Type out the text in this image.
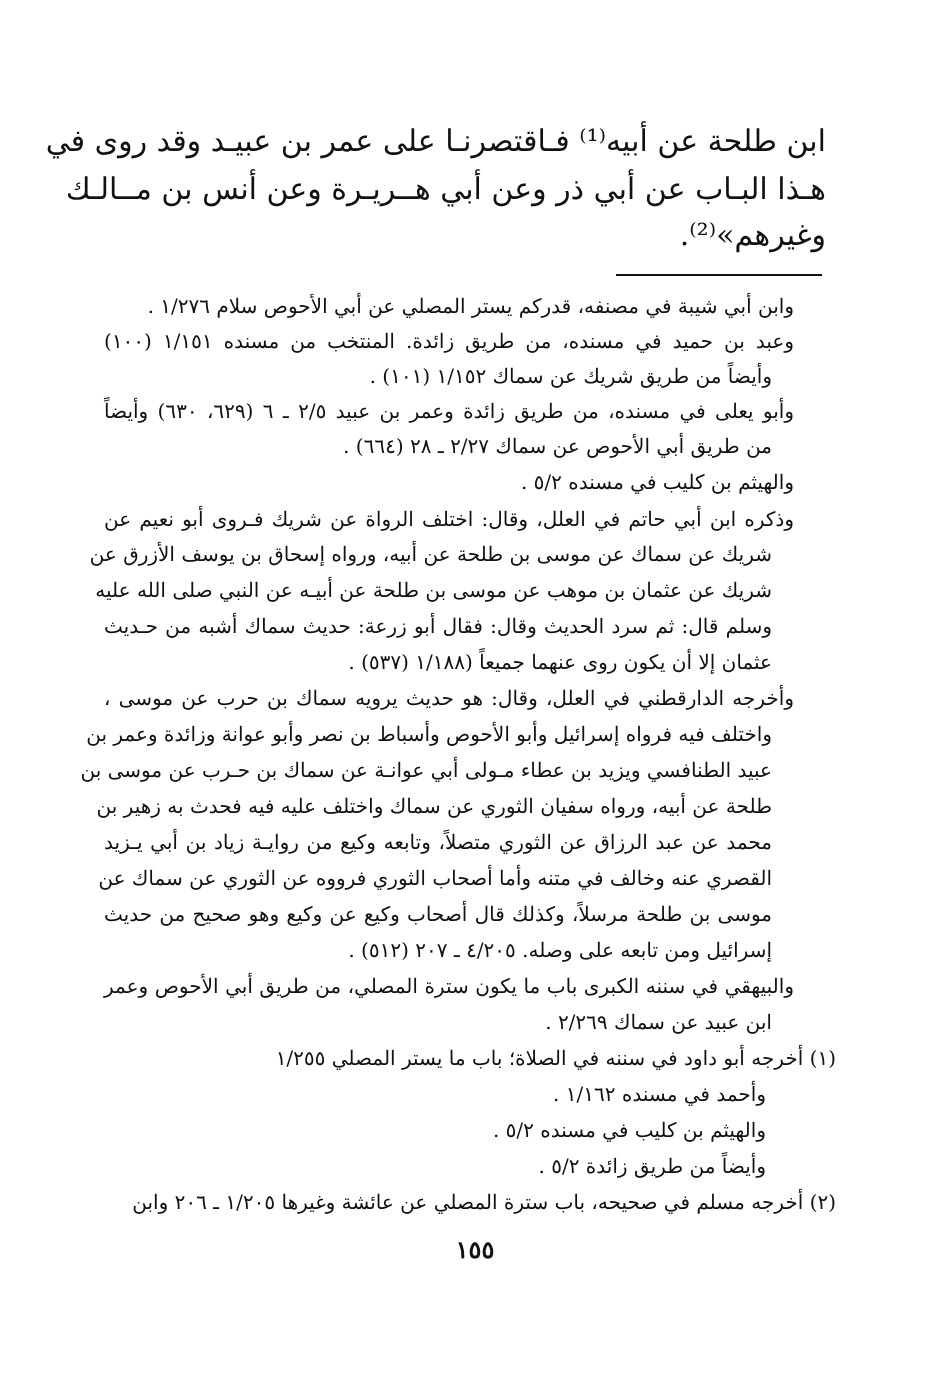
ابن طلحة عن أبيه⁽¹⁾ فـاقتصرنـا على عمر بن عبيـد وقد روى في
هـذا البـاب عن أبي ذر وعن أبي هــريـرة وعن أنس بن مــالـك
وغيرهم»⁽²⁾.
وابن أبي شيبة في مصنفه، قدركم يستر المصلي عن أبي الأحوص سلام ١/٢٧٦ .
وعبد بن حميد في مسنده، من طريق زائدة. المنتخب من مسنده ١/١٥١ (١٠٠)
وأيضاً من طريق شريك عن سماك ١/١٥٢ (١٠١) .
وأبو يعلى في مسنده، من طريق زائدة وعمر بن عبيد ٢/٥ ـ ٦ (٦٢٩، ٦٣٠) وأيضاً
من طريق أبي الأحوص عن سماك ٢/٢٧ ـ ٢٨ (٦٦٤) .
والهيثم بن كليب في مسنده ٥/٢ .
وذكره ابن أبي حاتم في العلل، وقال: اختلف الرواة عن شريك فـروى أبو نعيم عن
شريك عن سماك عن موسى بن طلحة عن أبيه، ورواه إسحاق بن يوسف الأزرق عن
شريك عن عثمان بن موهب عن موسى بن طلحة عن أبيـه عن النبي صلى الله عليه
وسلم قال: ثم سرد الحديث وقال: فقال أبو زرعة: حديث سماك أشبه من حـديث
عثمان إلا أن يكون روى عنهما جميعاً (١/١٨٨ (٥٣٧) .
وأخرجه الدارقطني في العلل، وقال: هو حديث يرويه سماك بن حرب عن موسى ،
واختلف فيه فرواه إسرائيل وأبو الأحوص وأسباط بن نصر وأبو عوانة وزائدة وعمر بن
عبيد الطنافسي ويزيد بن عطاء مـولى أبي عوانـة عن سماك بن حـرب عن موسى بن
طلحة عن أبيه، ورواه سفيان الثوري عن سماك واختلف عليه فيه فحدث به زهير بن
محمد عن عبد الرزاق عن الثوري متصلاً، وتابعه وكيع من روايـة زياد بن أبي يـزيد
القصري عنه وخالف في متنه وأما أصحاب الثوري فرووه عن الثوري عن سماك عن
موسى بن طلحة مرسلاً، وكذلك قال أصحاب وكيع عن وكيع وهو صحيح من حديث
إسرائيل ومن تابعه على وصله. ٤/٢٠٥ ـ ٢٠٧ (٥١٢) .
والبيهقي في سننه الكبرى باب ما يكون سترة المصلي، من طريق أبي الأحوص وعمر
ابن عبيد عن سماك ٢/٢٦٩ .
(١) أخرجه أبو داود في سننه في الصلاة؛ باب ما يستر المصلي ١/٢٥٥
وأحمد في مسنده ١/١٦٢ .
والهيثم بن كليب في مسنده ٥/٢ .
وأيضاً من طريق زائدة ٥/٢ .
(٢) أخرجه مسلم في صحيحه، باب سترة المصلي عن عائشة وغيرها ١/٢٠٥ ـ ٢٠٦ وابن
١٥٥
